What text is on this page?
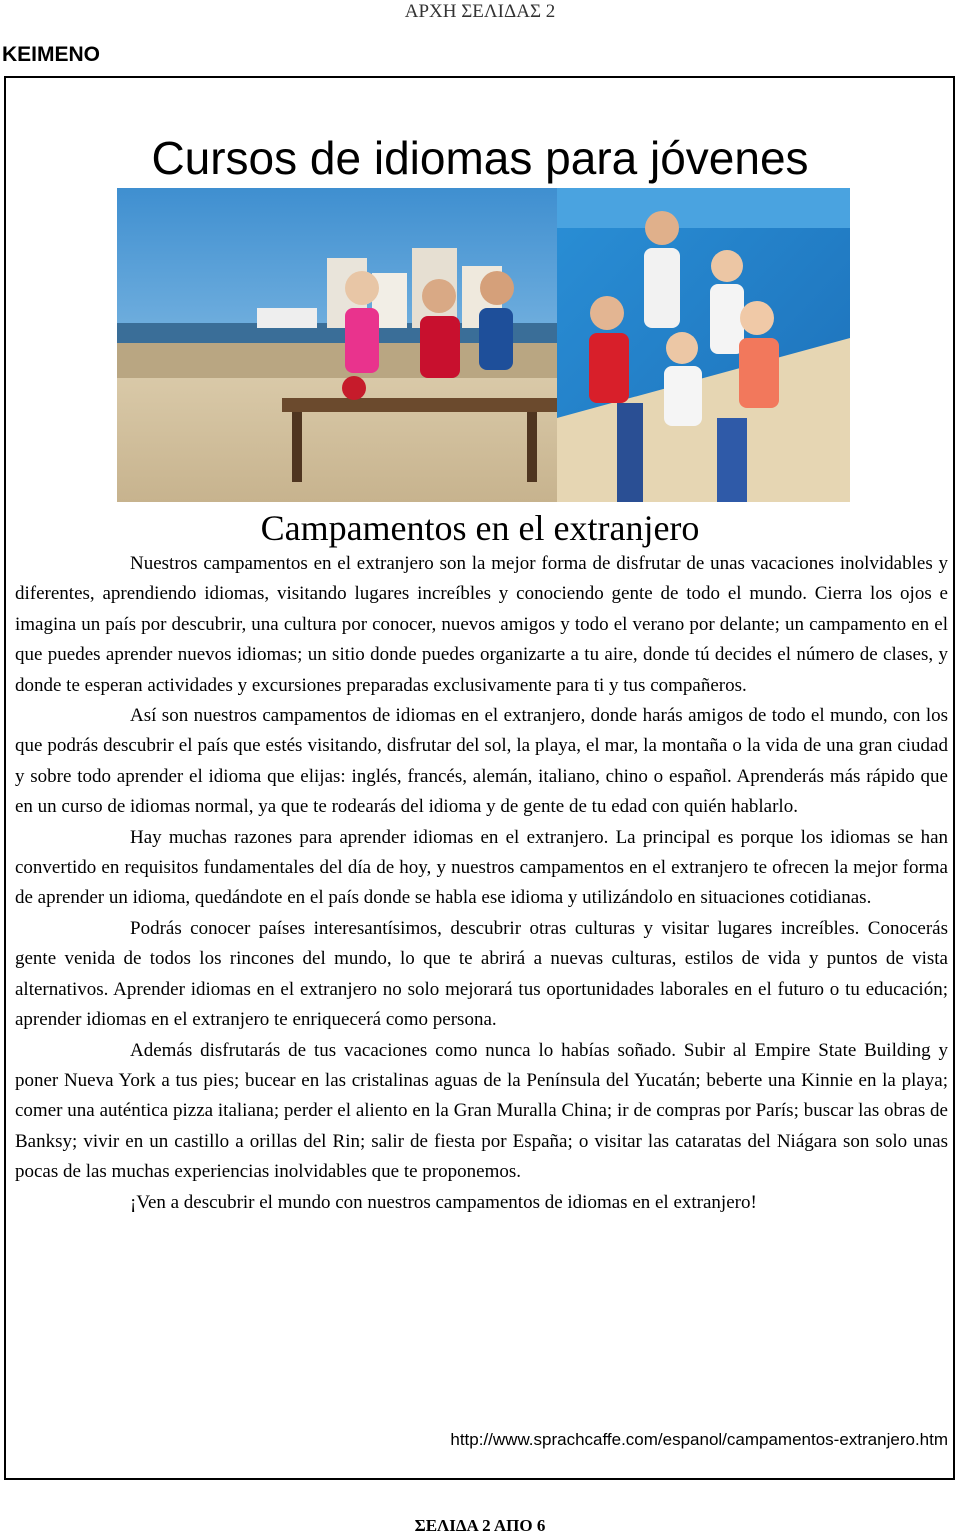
ΑΡΧΗ ΣΕΛΙΔΑΣ 2
ΚΕΙΜΕΝΟ
Cursos de idiomas para jóvenes
Campamentos en el extranjero

Nuestros campamentos en el extranjero son la mejor forma de disfrutar de unas vacaciones inolvidables y diferentes, aprendiendo idiomas, visitando lugares increíbles y conociendo gente de todo el mundo. Cierra los ojos e imagina un país por descubrir, una cultura por conocer, nuevos amigos y todo el verano por delante; un campamento en el que puedes aprender nuevos idiomas; un sitio donde puedes organizarte a tu aire, donde tú decides el número de clases, y donde te esperan actividades y excursiones preparadas exclusivamente para ti y tus compañeros.

Así son nuestros campamentos de idiomas en el extranjero, donde harás amigos de todo el mundo, con los que podrás descubrir el país que estés visitando, disfrutar del sol, la playa, el mar, la montaña o la vida de una gran ciudad y sobre todo aprender el idioma que elijas: inglés, francés, alemán, italiano, chino o español. Aprenderás más rápido que en un curso de idiomas normal, ya que te rodearás del idioma y de gente de tu edad con quién hablarlo.

Hay muchas razones para aprender idiomas en el extranjero. La principal es porque los idiomas se han convertido en requisitos fundamentales del día de hoy, y nuestros campamentos en el extranjero te ofrecen la mejor forma de aprender un idioma, quedándote en el país donde se habla ese idioma y utilizándolo en situaciones cotidianas.

Podrás conocer países interesantísimos, descubrir otras culturas y visitar lugares increíbles. Conocerás gente venida de todos los rincones del mundo, lo que te abrirá a nuevas culturas, estilos de vida y puntos de vista alternativos. Aprender idiomas en el extranjero no solo mejorará tus oportunidades laborales en el futuro o tu educación; aprender idiomas en el extranjero te enriquecerá como persona.

Además disfrutarás de tus vacaciones como nunca lo habías soñado. Subir al Empire State Building y poner Nueva York a tus pies; bucear en las cristalinas aguas de la Península del Yucatán; beberte una Kinnie en la playa; comer una auténtica pizza italiana; perder el aliento en la Gran Muralla China; ir de compras por París; buscar las obras de Banksy; vivir en un castillo a orillas del Rin; salir de fiesta por España; o visitar las cataratas del Niágara son solo unas pocas de las muchas experiencias inolvidables que te proponemos.

¡Ven a descubrir el mundo con nuestros campamentos de idiomas en el extranjero!

http://www.sprachcaffe.com/espanol/campamentos-extranjero.htm
ΣΕΛΙΔΑ 2 ΑΠΟ 6
